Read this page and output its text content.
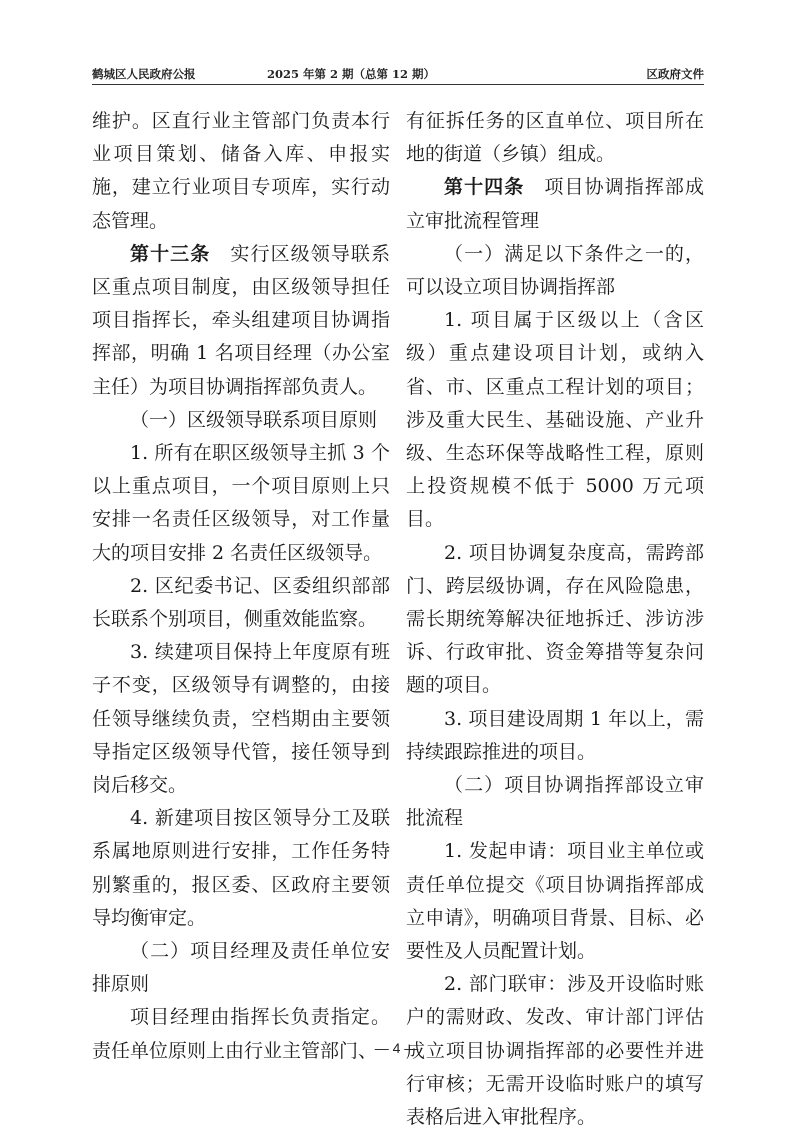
鹤城区人民政府公报	2025 年第 2 期（总第 12 期）	区政府文件

维护。区直行业主管部门负责本行业项目策划、储备入库、申报实施，建立行业项目专项库，实行动态管理。

第十三条　实行区级领导联系区重点项目制度，由区级领导担任项目指挥长，牵头组建项目协调指挥部，明确 1 名项目经理（办公室主任）为项目协调指挥部负责人。

（一）区级领导联系项目原则

1. 所有在职区级领导主抓 3 个以上重点项目，一个项目原则上只安排一名责任区级领导，对工作量大的项目安排 2 名责任区级领导。

2. 区纪委书记、区委组织部部长联系个别项目，侧重效能监察。

3. 续建项目保持上年度原有班子不变，区级领导有调整的，由接任领导继续负责，空档期由主要领导指定区级领导代管，接任领导到岗后移交。

4. 新建项目按区领导分工及联系属地原则进行安排，工作任务特别繁重的，报区委、区政府主要领导均衡审定。

（二）项目经理及责任单位安排原则

项目经理由指挥长负责指定。责任单位原则上由行业主管部门、

有征拆任务的区直单位、项目所在地的街道（乡镇）组成。

第十四条　项目协调指挥部成立审批流程管理

（一）满足以下条件之一的，可以设立项目协调指挥部

1. 项目属于区级以上（含区级）重点建设项目计划，或纳入省、市、区重点工程计划的项目；涉及重大民生、基础设施、产业升级、生态环保等战略性工程，原则上投资规模不低于 5000 万元项目。

2. 项目协调复杂度高，需跨部门、跨层级协调，存在风险隐患，需长期统筹解决征地拆迁、涉访涉诉、行政审批、资金筹措等复杂问题的项目。

3. 项目建设周期 1 年以上，需持续跟踪推进的项目。

（二）项目协调指挥部设立审批流程

1. 发起申请：项目业主单位或责任单位提交《项目协调指挥部成立申请》，明确项目背景、目标、必要性及人员配置计划。

2. 部门联审：涉及开设临时账户的需财政、发改、审计部门评估成立项目协调指挥部的必要性并进行审核；无需开设临时账户的填写表格后进入审批程序。

— 4 —
